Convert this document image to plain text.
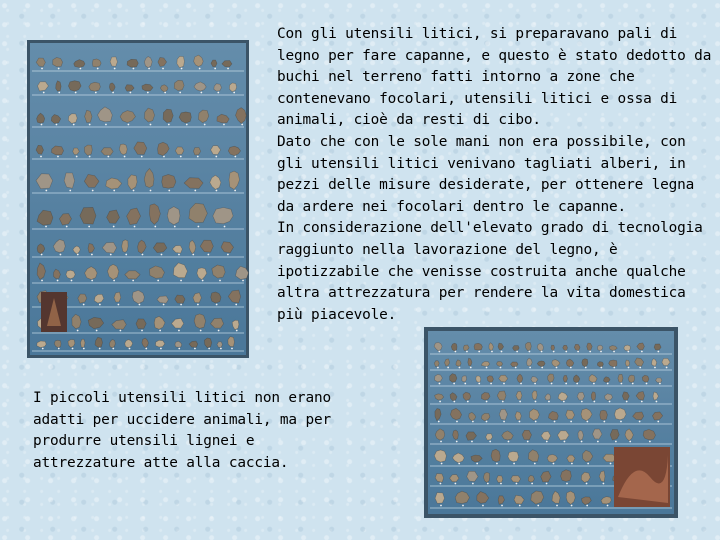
Con gli utensili litici, si preparavano pali di legno per fare capanne, e questo è stato dedotto da buchi nel terreno fatti intorno a zone che contenevano focolari, utensili litici e ossa di animali, cioè da resti di cibo.
Dato che con le sole mani non era possibile, con gli utensili litici venivano tagliati alberi, in pezzi delle misure desiderate, per ottenere legna da ardere nei focolari dentro le capanne.
In considerazione dell'elevato grado di tecnologia raggiunto nella lavorazione del legno, è ipotizzabile che venisse costruita anche qualche altra attrezzatura per rendere la vita domestica più piacevole.
I piccoli utensili litici non erano adatti per uccidere animali, ma per produrre utensili lignei e attrezzature atte alla caccia.
